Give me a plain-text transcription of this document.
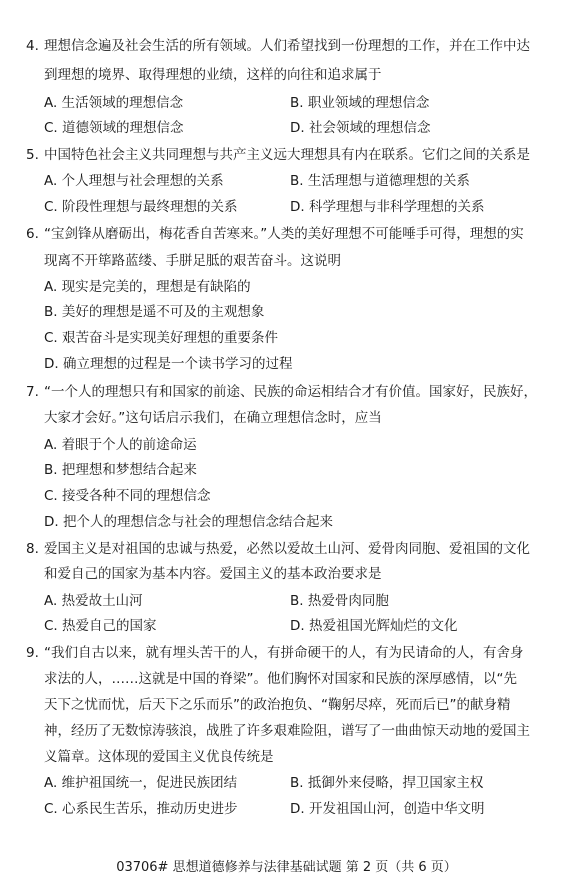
4. 理想信念遍及社会生活的所有领域。人们希望找到一份理想的工作，并在工作中达
到理想的境界、取得理想的业绩，这样的向往和追求属于
A. 生活领域的理想信念	B. 职业领域的理想信念
C. 道德领域的理想信念	D. 社会领域的理想信念
5. 中国特色社会主义共同理想与共产主义远大理想具有内在联系。它们之间的关系是
A. 个人理想与社会理想的关系	B. 生活理想与道德理想的关系
C. 阶段性理想与最终理想的关系	D. 科学理想与非科学理想的关系
6. “宝剑锋从磨砺出，梅花香自苦寒来。”人类的美好理想不可能唾手可得，理想的实
现离不开筚路蓝缕、手胼足胝的艰苦奋斗。这说明
A. 现实是完美的，理想是有缺陷的
B. 美好的理想是遥不可及的主观想象
C. 艰苦奋斗是实现美好理想的重要条件
D. 确立理想的过程是一个读书学习的过程
7. “一个人的理想只有和国家的前途、民族的命运相结合才有价值。国家好，民族好，
大家才会好。”这句话启示我们，在确立理想信念时，应当
A. 着眼于个人的前途命运
B. 把理想和梦想结合起来
C. 接受各种不同的理想信念
D. 把个人的理想信念与社会的理想信念结合起来
8. 爱国主义是对祖国的忠诚与热爱，必然以爱故土山河、爱骨肉同胞、爱祖国的文化
和爱自己的国家为基本内容。爱国主义的基本政治要求是
A. 热爱故土山河	B. 热爱骨肉同胞
C. 热爱自己的国家	D. 热爱祖国光辉灿烂的文化
9. “我们自古以来，就有埋头苦干的人，有拼命硬干的人，有为民请命的人，有舍身
求法的人，……这就是中国的脊梁”。他们胸怀对国家和民族的深厚感情，以“先
天下之忧而忧，后天下之乐而乐”的政治抱负、“鞠躬尽瘁，死而后已”的献身精
神，经历了无数惊涛骇浪，战胜了许多艰难险阻，谱写了一曲曲惊天动地的爱国主
义篇章。这体现的爱国主义优良传统是
A. 维护祖国统一，促进民族团结	B. 抵御外来侵略，捍卫国家主权
C. 心系民生苦乐，推动历史进步	D. 开发祖国山河，创造中华文明
03706# 思想道德修养与法律基础试题 第 2 页（共 6 页）
